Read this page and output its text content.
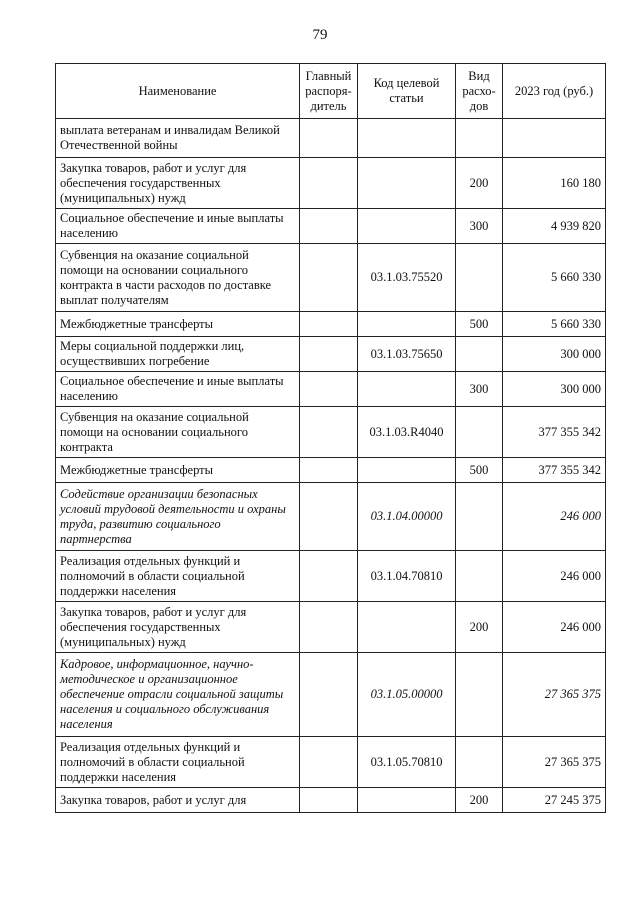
79
Наименование	Главный распоря- дитель	Код целевой статьи	Вид расхо- дов	2023 год (руб.)
выплата ветеранам и инвалидам Великой Отечественной войны				
Закупка товаров, работ и услуг для обеспечения государственных (муниципальных) нужд			200	160 180
Социальное обеспечение и иные выплаты населению			300	4 939 820
Субвенция на оказание социальной помощи на основании социального контракта в части расходов по доставке выплат получателям		03.1.03.75520		5 660 330
Межбюджетные трансферты			500	5 660 330
Меры социальной поддержки лиц, осуществивших погребение		03.1.03.75650		300 000
Социальное обеспечение и иные выплаты населению			300	300 000
Субвенция на оказание социальной помощи на основании социального контракта		03.1.03.R4040		377 355 342
Межбюджетные трансферты			500	377 355 342
Содействие организации безопасных условий трудовой деятельности и охраны труда, развитию социального партнерства		03.1.04.00000		246 000
Реализация отдельных функций и полномочий в области социальной поддержки населения		03.1.04.70810		246 000
Закупка товаров, работ и услуг для обеспечения государственных (муниципальных) нужд			200	246 000
Кадровое, информационное, научно-методическое и организационное обеспечение отрасли социальной защиты населения и социального обслуживания населения		03.1.05.00000		27 365 375
Реализация отдельных функций и полномочий в области социальной поддержки населения		03.1.05.70810		27 365 375
Закупка товаров, работ и услуг для			200	27 245 375
